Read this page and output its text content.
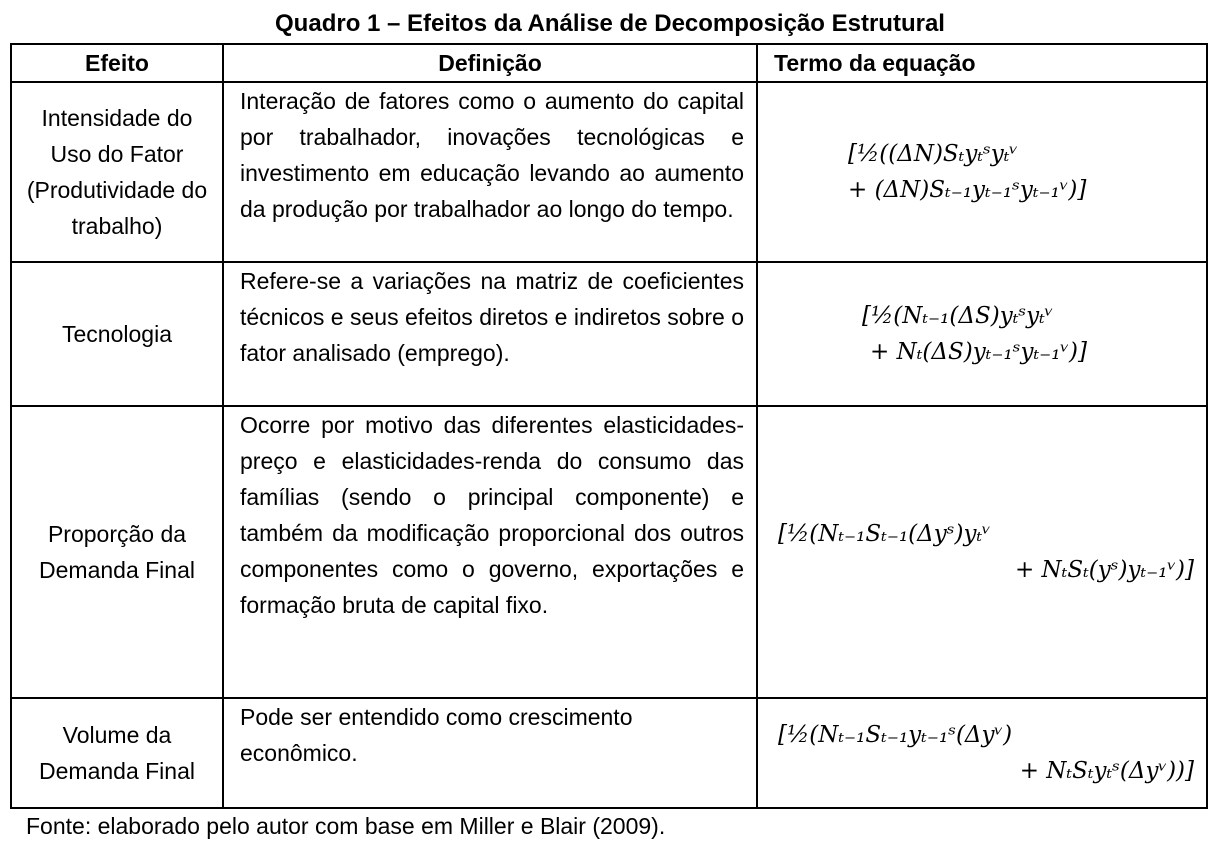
Quadro 1 – Efeitos da Análise de Decomposição Estrutural
Efeito	Definição	Termo da equação
Intensidade do Uso do Fator (Produtividade do trabalho)	Interação de fatores como o aumento do capital por trabalhador, inovações tecnológicas e investimento em educação levando ao aumento da produção por trabalhador ao longo do tempo.	[½((ΔN)Sₜyₜˢyₜᵛ
+ (ΔN)Sₜ₋₁yₜ₋₁ˢyₜ₋₁ᵛ)]

Tecnologia	Refere-se a variações na matriz de coeficientes técnicos e seus efeitos diretos e indiretos sobre o fator analisado (emprego).	[½(Nₜ₋₁(ΔS)yₜˢyₜᵛ
+ Nₜ(ΔS)yₜ₋₁ˢyₜ₋₁ᵛ)]

Proporção da Demanda Final	Ocorre por motivo das diferentes elasticidades-preço e elasticidades-renda do consumo das famílias (sendo o principal componente) e também da modificação proporcional dos outros componentes como o governo, exportações e formação bruta de capital fixo.	[½(Nₜ₋₁Sₜ₋₁(Δyˢ)yₜᵛ
+ NₜSₜ(yˢ)yₜ₋₁ᵛ)]

Volume da Demanda Final	Pode ser entendido como crescimento econômico.	[½(Nₜ₋₁Sₜ₋₁yₜ₋₁ˢ(Δyᵛ)
+ NₜSₜyₜˢ(Δyᵛ))]
Fonte: elaborado pelo autor com base em Miller e Blair (2009).
